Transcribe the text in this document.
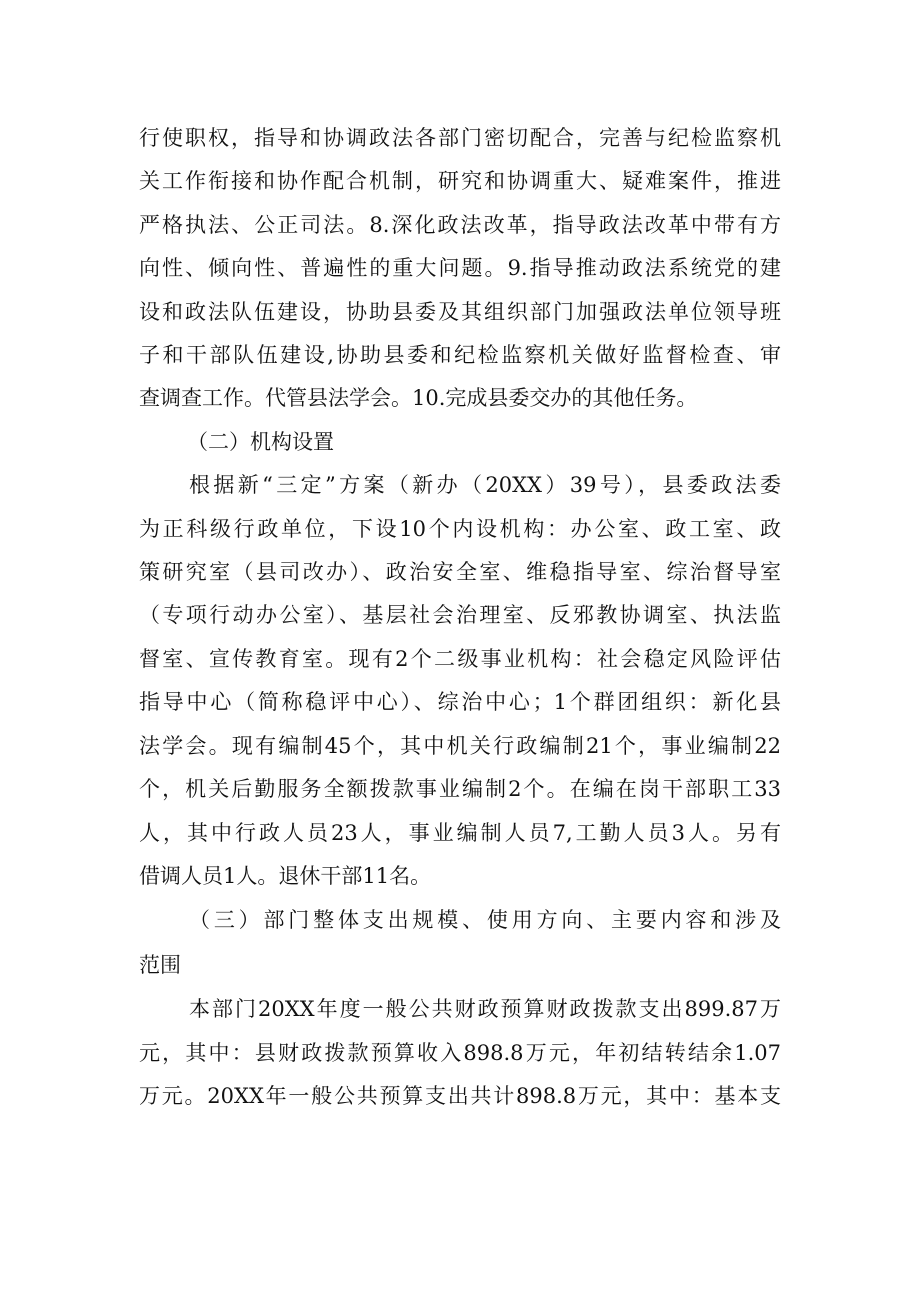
行使职权，指导和协调政法各部门密切配合，完善与纪检监察机

关工作衔接和协作配合机制，研究和协调重大、疑难案件，推进

严格执法、公正司法。8.深化政法改革，指导政法改革中带有方

向性、倾向性、普遍性的重大问题。9.指导推动政法系统党的建

设和政法队伍建设，协助县委及其组织部门加强政法单位领导班

子和干部队伍建设,协助县委和纪检监察机关做好监督检查、审

查调查工作。代管县法学会。10.完成县委交办的其他任务。

（二）机构设置

根据新“三定”方案（新办（20XX）39号），县委政法委

为正科级行政单位，下设10个内设机构：办公室、政工室、政

策研究室（县司改办）、政治安全室、维稳指导室、综治督导室

（专项行动办公室）、基层社会治理室、反邪教协调室、执法监

督室、宣传教育室。现有2个二级事业机构：社会稳定风险评估

指导中心（简称稳评中心）、综治中心；1个群团组织：新化县

法学会。现有编制45个，其中机关行政编制21个，事业编制22

个，机关后勤服务全额拨款事业编制2个。在编在岗干部职工33

人，其中行政人员23人，事业编制人员7,工勤人员3人。另有

借调人员1人。退休干部11名。

（三）部门整体支出规模、使用方向、主要内容和涉及

范围

本部门20XX年度一般公共财政预算财政拨款支出899.87万

元，其中：县财政拨款预算收入898.8万元，年初结转结余1.07

万元。20XX年一般公共预算支出共计898.8万元，其中：基本支
